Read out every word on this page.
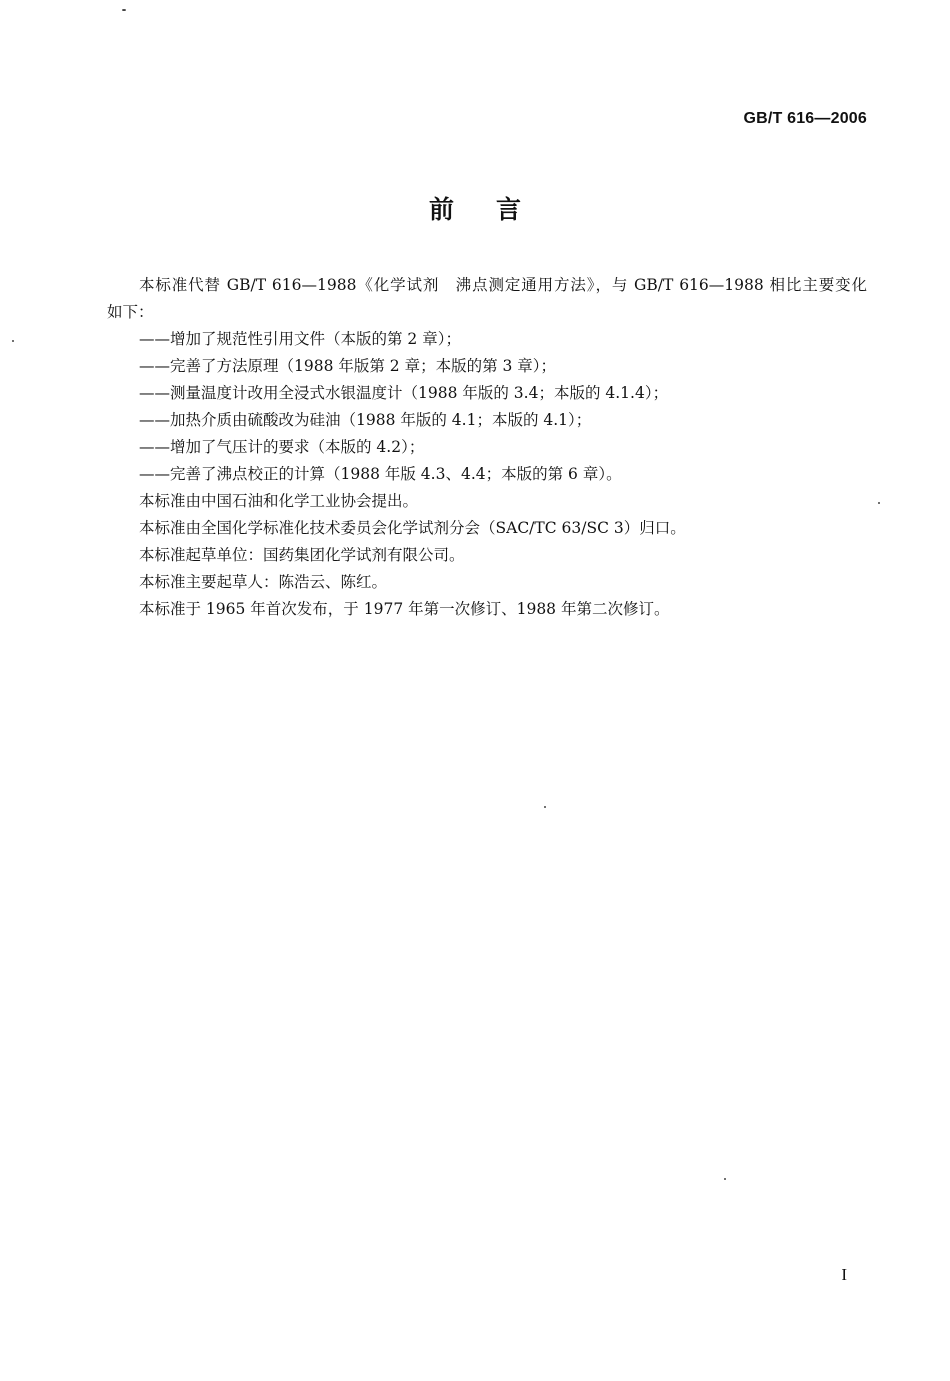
GB/T 616—2006
前言

本标准代替 GB/T 616—1988《化学试剂　沸点测定通用方法》，与 GB/T 616—1988 相比主要变化

如下：

——增加了规范性引用文件（本版的第 2 章）；

——完善了方法原理（1988 年版第 2 章；本版的第 3 章）；

——测量温度计改用全浸式水银温度计（1988 年版的 3.4；本版的 4.1.4）；

——加热介质由硫酸改为硅油（1988 年版的 4.1；本版的 4.1）；

——增加了气压计的要求（本版的 4.2）；

——完善了沸点校正的计算（1988 年版 4.3、4.4；本版的第 6 章）。

本标准由中国石油和化学工业协会提出。

本标准由全国化学标准化技术委员会化学试剂分会（SAC/TC 63/SC 3）归口。

本标准起草单位：国药集团化学试剂有限公司。

本标准主要起草人：陈浩云、陈红。

本标准于 1965 年首次发布，于 1977 年第一次修订、1988 年第二次修订。

I
